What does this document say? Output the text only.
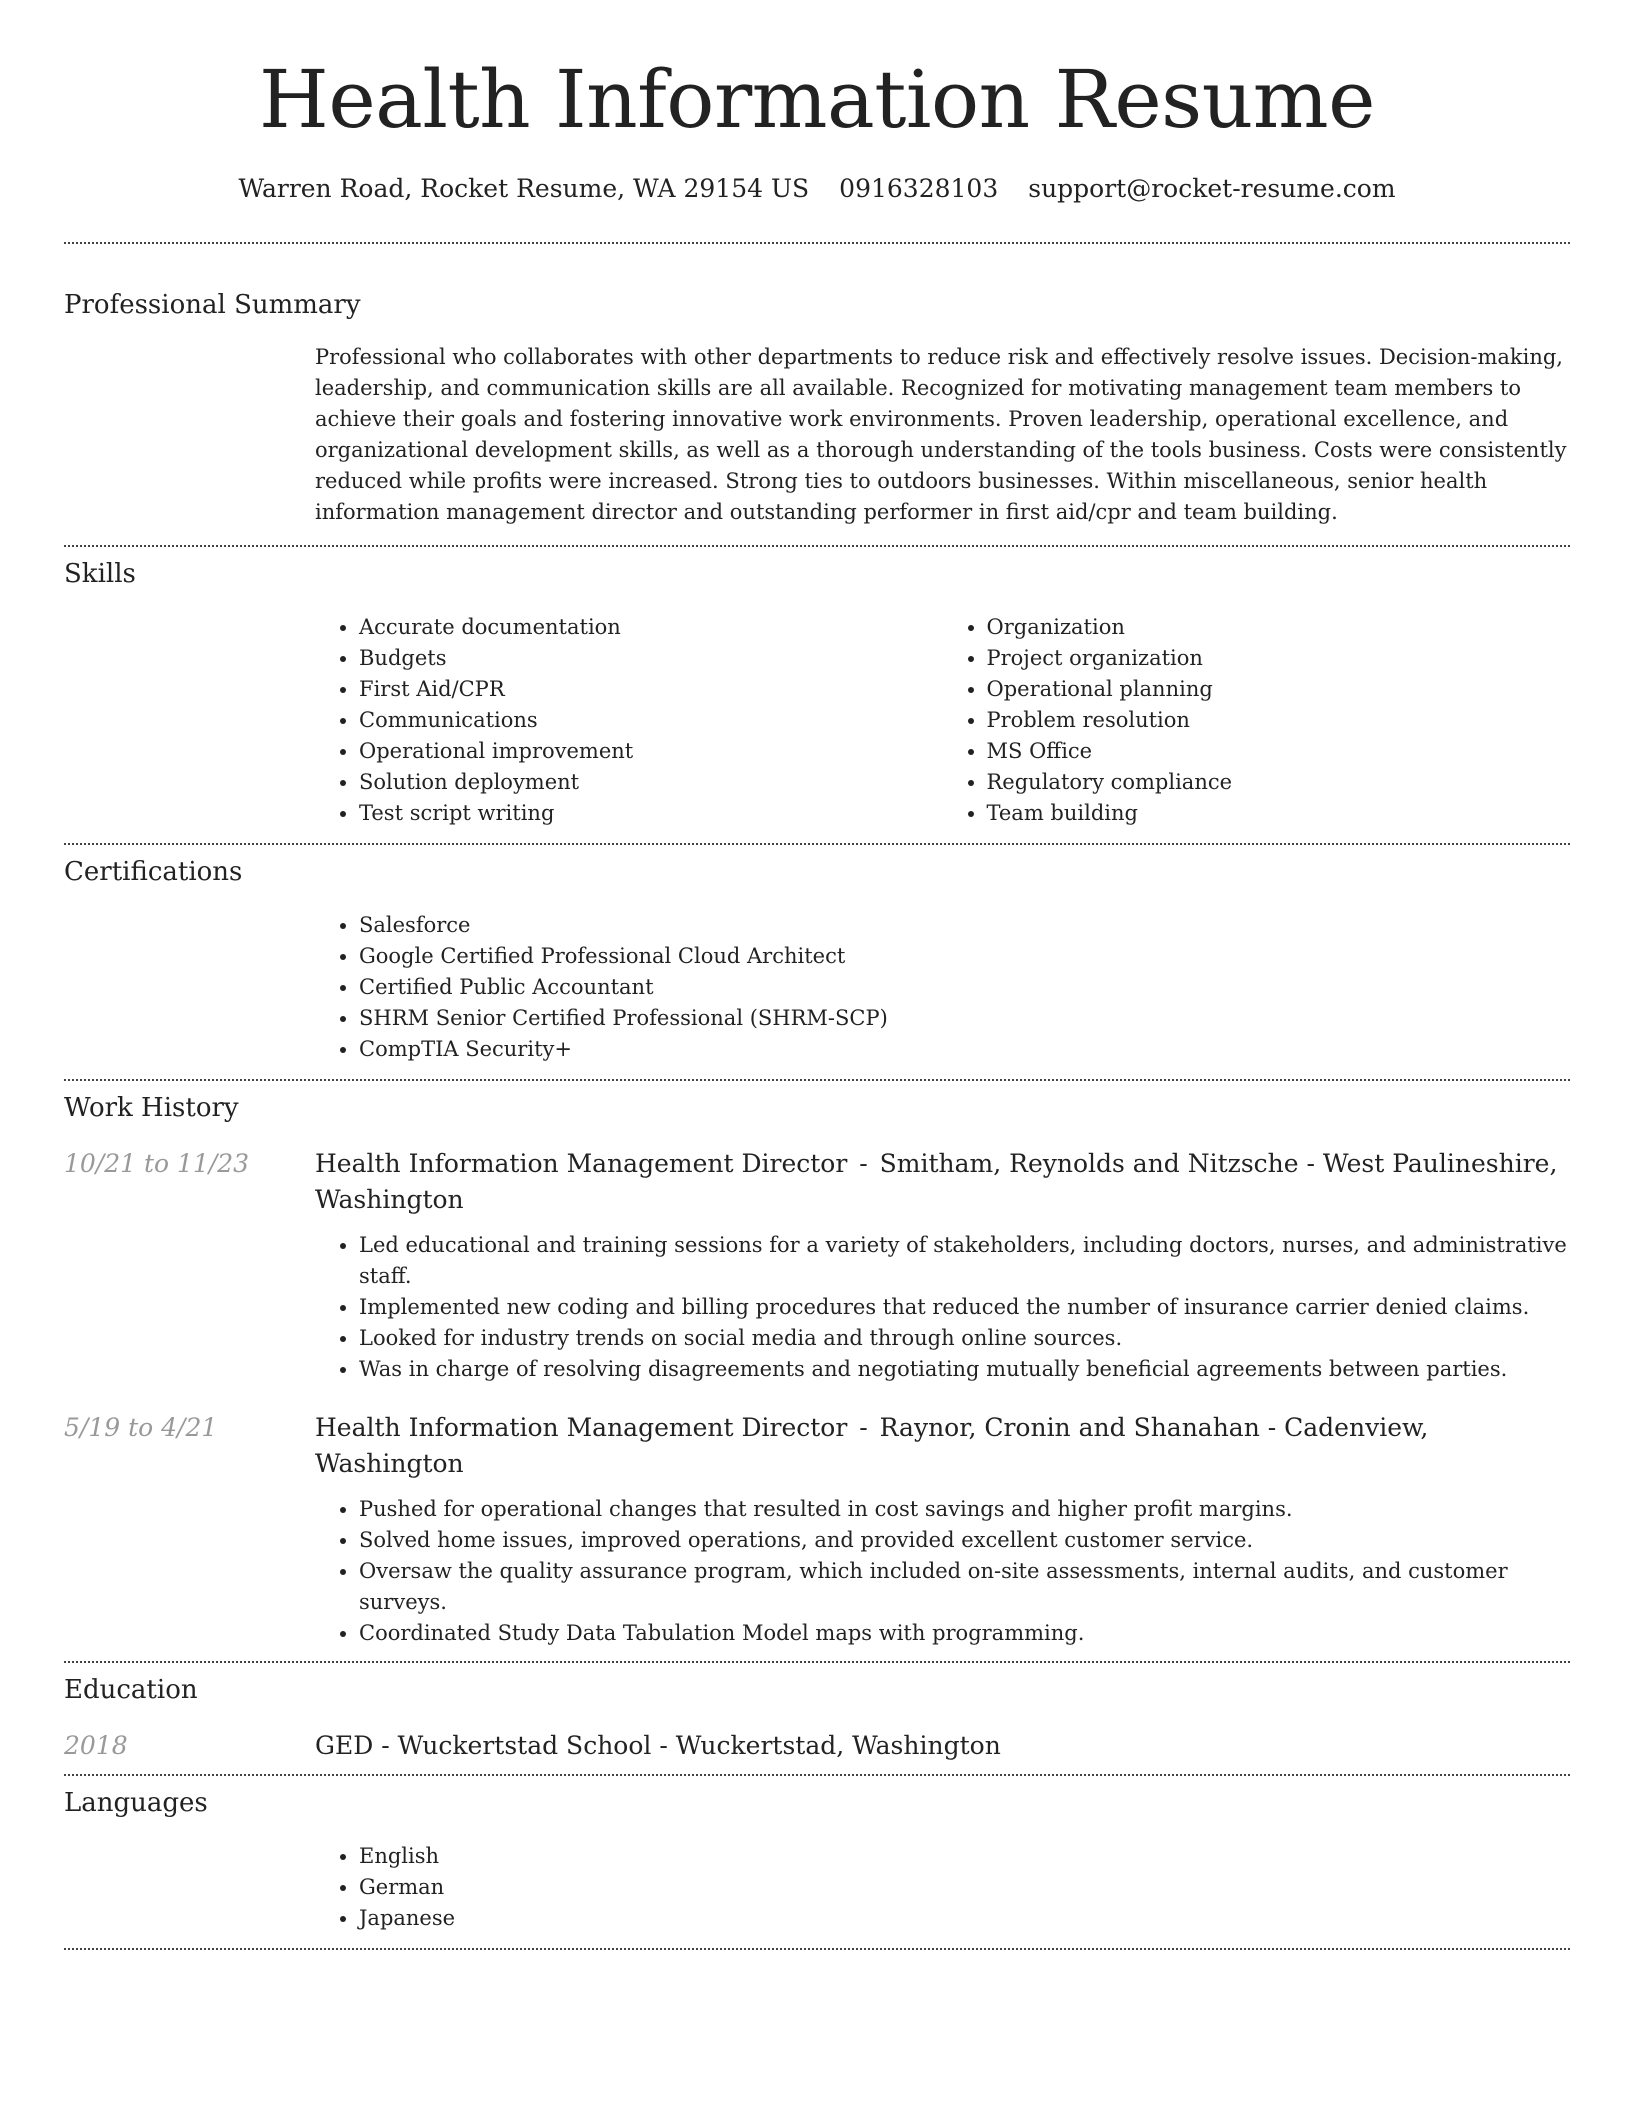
Health Information Resume
Warren Road, Rocket Resume, WA 29154 US 0916328103 support@rocket-resume.com
Professional Summary
Professional who collaborates with other departments to reduce risk and effectively resolve issues. Decision-making, leadership, and communication skills are all available. Recognized for motivating management team members to achieve their goals and fostering innovative work environments. Proven leadership, operational excellence, and organizational development skills, as well as a thorough understanding of the tools business. Costs were consistently reduced while profits were increased. Strong ties to outdoors businesses. Within miscellaneous, senior health information management director and outstanding performer in first aid/cpr and team building.
Skills
• Accurate documentation
• Budgets
• First Aid/CPR
• Communications
• Operational improvement
• Solution deployment
• Test script writing
• Organization
• Project organization
• Operational planning
• Problem resolution
• MS Office
• Regulatory compliance
• Team building
Certifications
• Salesforce
• Google Certified Professional Cloud Architect
• Certified Public Accountant
• SHRM Senior Certified Professional (SHRM-SCP)
• CompTIA Security+
Work History
10/21 to 11/23	Health Information Management Director - Smitham, Reynolds and Nitzsche - West Paulineshire, Washington
• Led educational and training sessions for a variety of stakeholders, including doctors, nurses, and administrative staff.
• Implemented new coding and billing procedures that reduced the number of insurance carrier denied claims.
• Looked for industry trends on social media and through online sources.
• Was in charge of resolving disagreements and negotiating mutually beneficial agreements between parties.
5/19 to 4/21	Health Information Management Director - Raynor, Cronin and Shanahan - Cadenview, Washington
• Pushed for operational changes that resulted in cost savings and higher profit margins.
• Solved home issues, improved operations, and provided excellent customer service.
• Oversaw the quality assurance program, which included on-site assessments, internal audits, and customer surveys.
• Coordinated Study Data Tabulation Model maps with programming.
Education
2018	GED - Wuckertstad School - Wuckertstad, Washington
Languages
• English
• German
• Japanese
